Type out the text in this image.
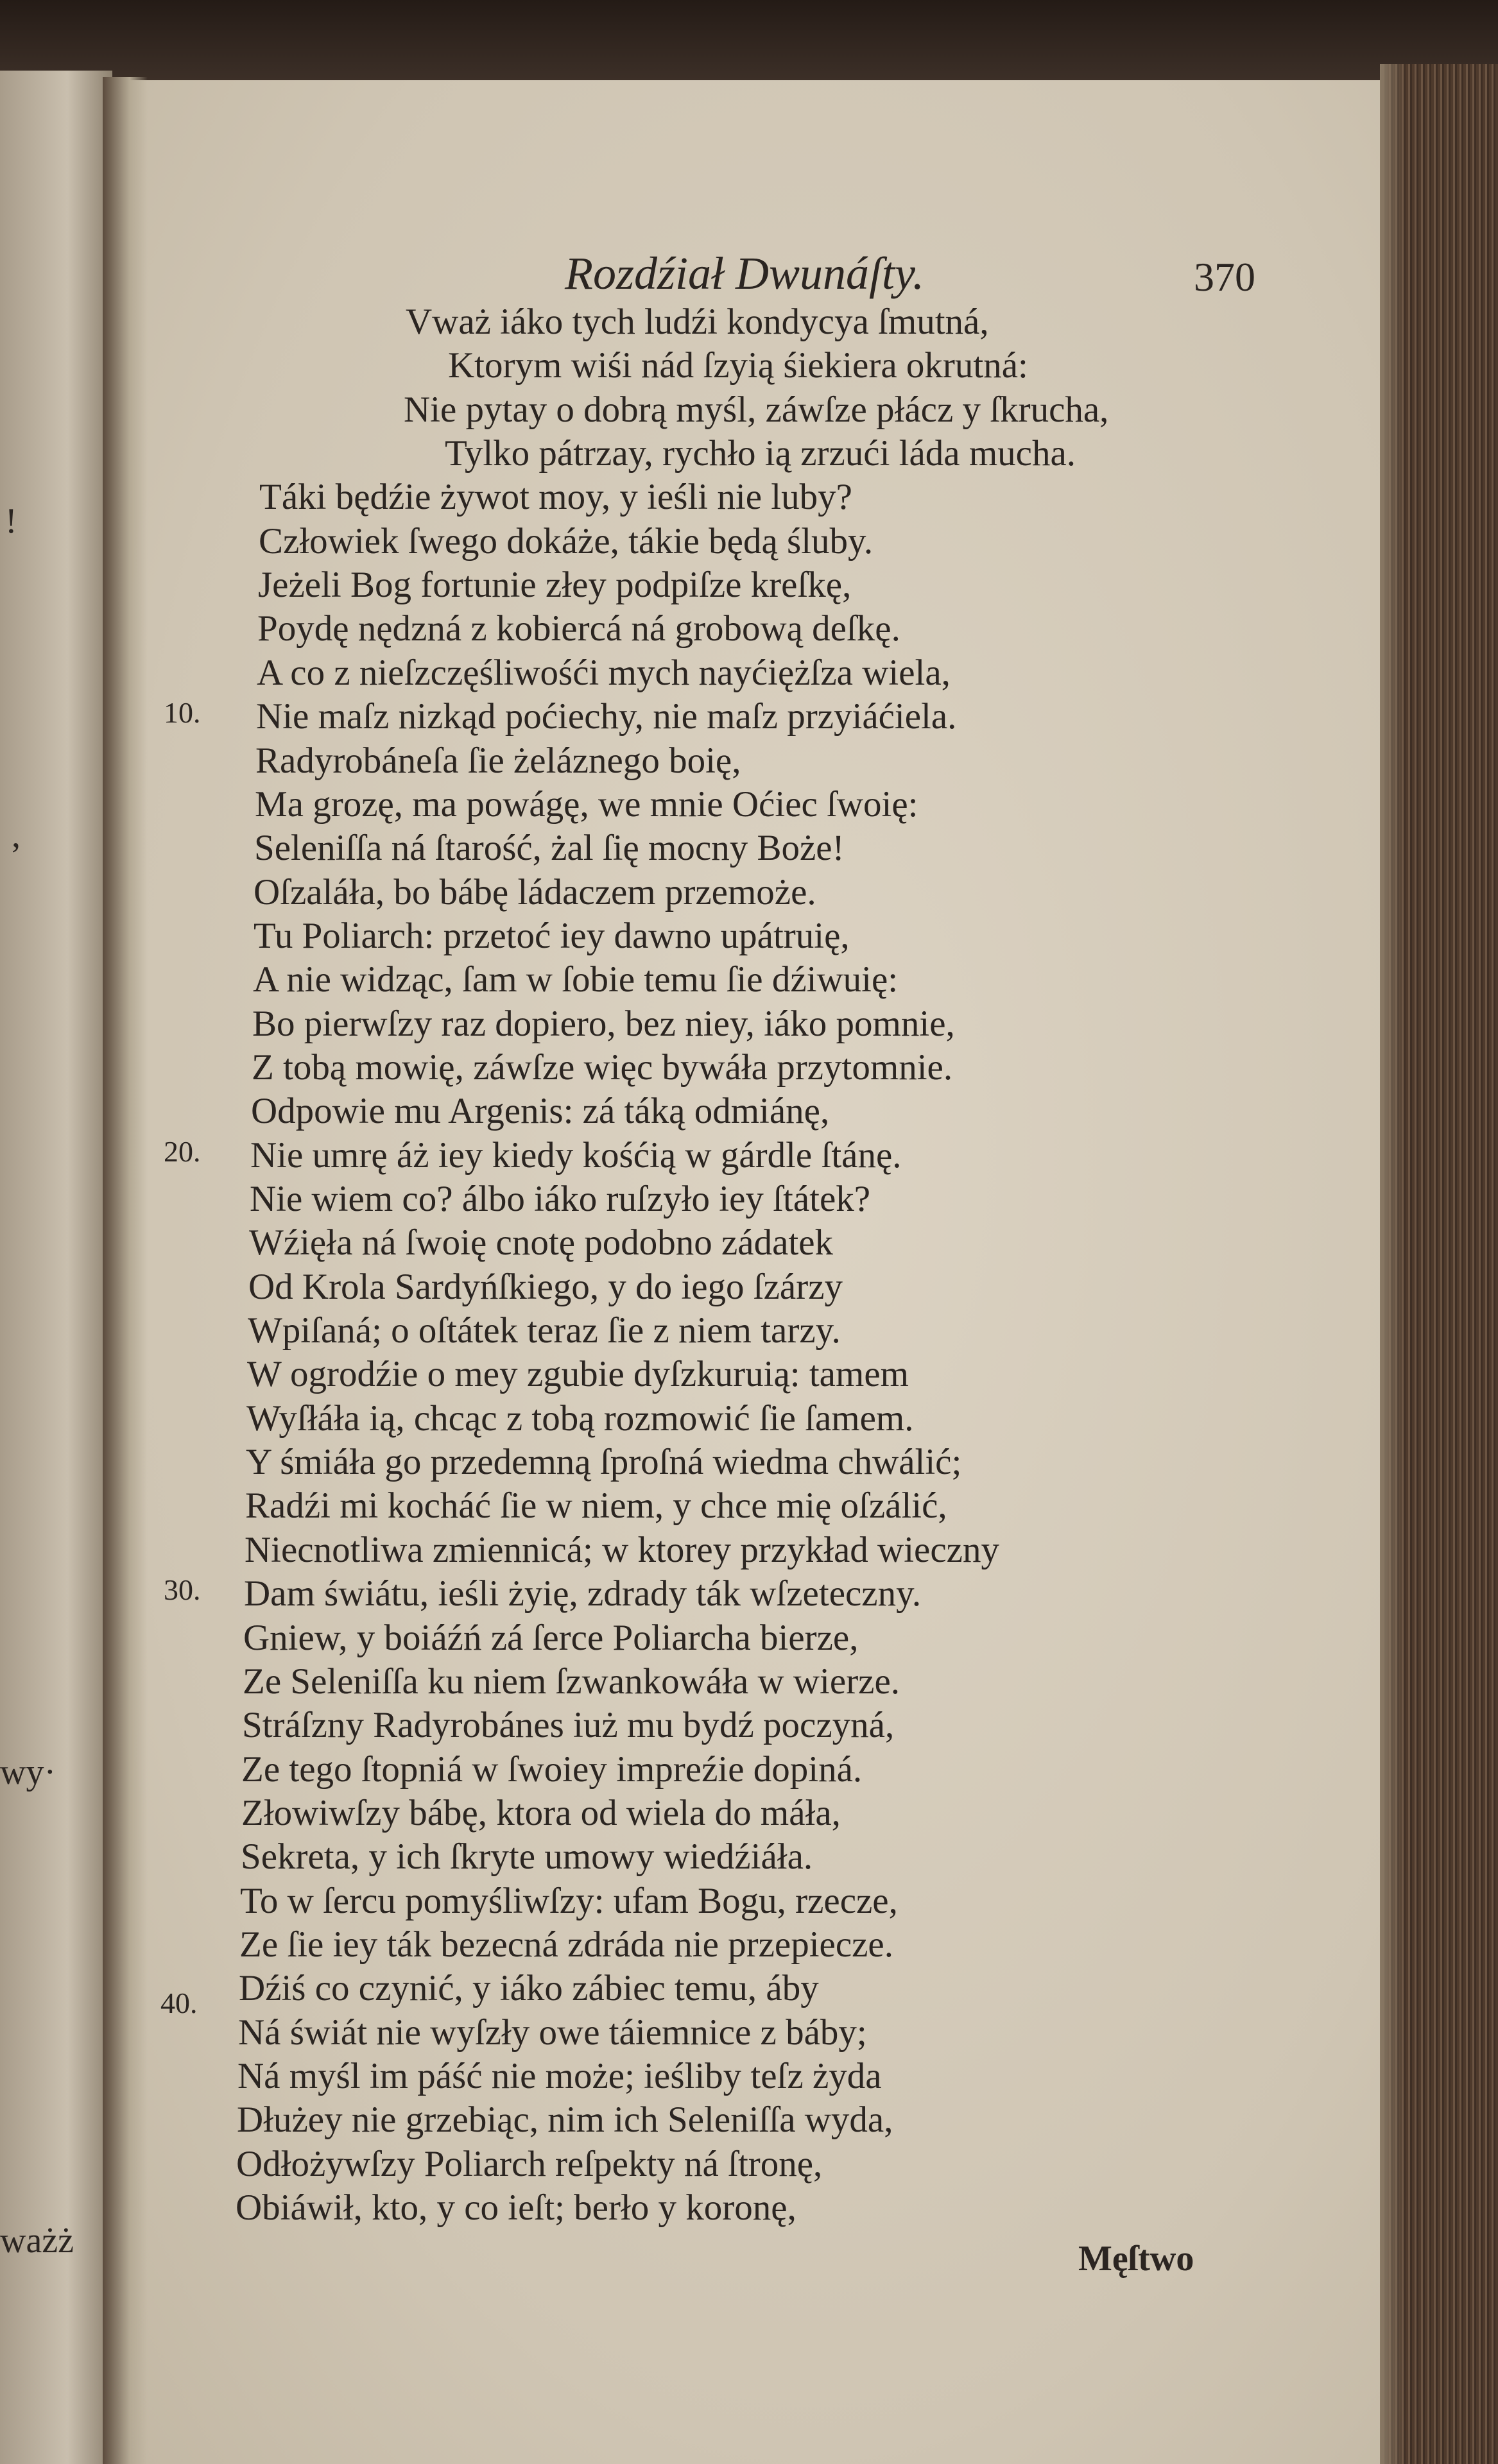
!
,
wy·
ważż
Rozdźiał Dwunáſty.	370
Vważ iáko tych ludźi kondycya ſmutná,
Ktorym wiśi nád ſzyią śiekiera okrutná:
Nie pytay o dobrą myśl, záwſze płácz y ſkrucha,
Tylko pátrzay, rychło ią zrzući láda mucha.
Táki będźie żywot moy, y ieśli nie luby?
Człowiek ſwego dokáże, tákie będą śluby.
Jeżeli Bog fortunie złey podpiſze kreſkę,
Poydę nędzná z kobiercá ná grobową deſkę.
A co z nieſzczęśliwośći mych nayćiężſza wiela,
Nie maſz nizkąd poćiechy, nie maſz przyiáćiela.
10.
Radyrobáneſa ſie żeláznego boię,
Ma grozę, ma powágę, we mnie Oćiec ſwoię:
Seleniſſa ná ſtarość, żal ſię mocny Boże!
Oſzaláła, bo bábę ládaczem przemoże.
Tu Poliarch: przetoć iey dawno upátruię,
A nie widząc, ſam w ſobie temu ſie dźiwuię:
Bo pierwſzy raz dopiero, bez niey, iáko pomnie,
Z tobą mowię, záwſze więc bywáła przytomnie.
Odpowie mu Argenis: zá táką odmiánę,
Nie umrę áż iey kiedy kośćią w gárdle ſtánę.
20.
Nie wiem co? álbo iáko ruſzyło iey ſtátek?
Wźięła ná ſwoię cnotę podobno zádatek
Od Krola Sardyńſkiego, y do iego ſzárzy
Wpiſaná; o oſtátek teraz ſie z niem tarzy.
W ogrodźie o mey zgubie dyſzkuruią: tamem
Wyſłáła ią, chcąc z tobą rozmowić ſie ſamem.
Y śmiáła go przedemną ſproſná wiedma chwálić;
Radźi mi kocháć ſie w niem, y chce mię oſzálić,
Niecnotliwa zmiennicá; w ktorey przykład wieczny
Dam świátu, ieśli żyię, zdrady ták wſzeteczny.
30.
Gniew, y boiáźń zá ſerce Poliarcha bierze,
Ze Seleniſſa ku niem ſzwankowáła w wierze.
Stráſzny Radyrobánes iuż mu bydź poczyná,
Ze tego ſtopniá w ſwoiey impreźie dopiná.
Złowiwſzy bábę, ktora od wiela do máła,
Sekreta, y ich ſkryte umowy wiedźiáła.
To w ſercu pomyśliwſzy: ufam Bogu, rzecze,
Ze ſie iey ták bezecná zdráda nie przepiecze.
Dźiś co czynić, y iáko zábiec temu, áby
Ná świát nie wyſzły owe táiemnice z báby;
40.
Ná myśl im páść nie może; ieśliby teſz żyda
Dłużey nie grzebiąc, nim ich Seleniſſa wyda,
Odłożywſzy Poliarch reſpekty ná ſtronę,
Obiáwił, kto, y co ieſt; berło y koronę,
Męſtwo
